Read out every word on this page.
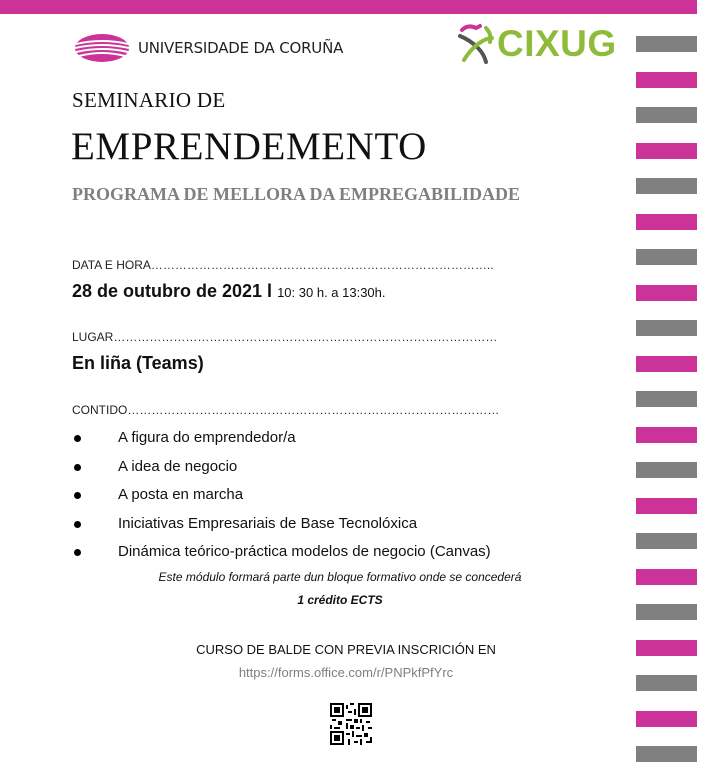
UNIVERSIDADE DA CORUÑA	CIXUG
SEMINARIO DE
EMPRENDEMENTO
PROGRAMA DE MELLORA DA EMPREGABILIDADE
DATA E HORA…………………………………………………………………………..
28 de outubro de 2021 l 10: 30 h. a 13:30h.
LUGAR……………………………………………………………………………………
En liña (Teams)
CONTIDO…………………………………………………………………………………
A figura do emprendedor/a
A idea de negocio
A posta en marcha
Iniciativas Empresariais de Base Tecnolóxica
Dinámica teórico-práctica modelos de negocio (Canvas)
Este módulo formará parte dun bloque formativo onde se concederá
1 crédito ECTS
CURSO DE BALDE CON PREVIA INSCRICIÓN EN
https://forms.office.com/r/PNPkfPfYrc
